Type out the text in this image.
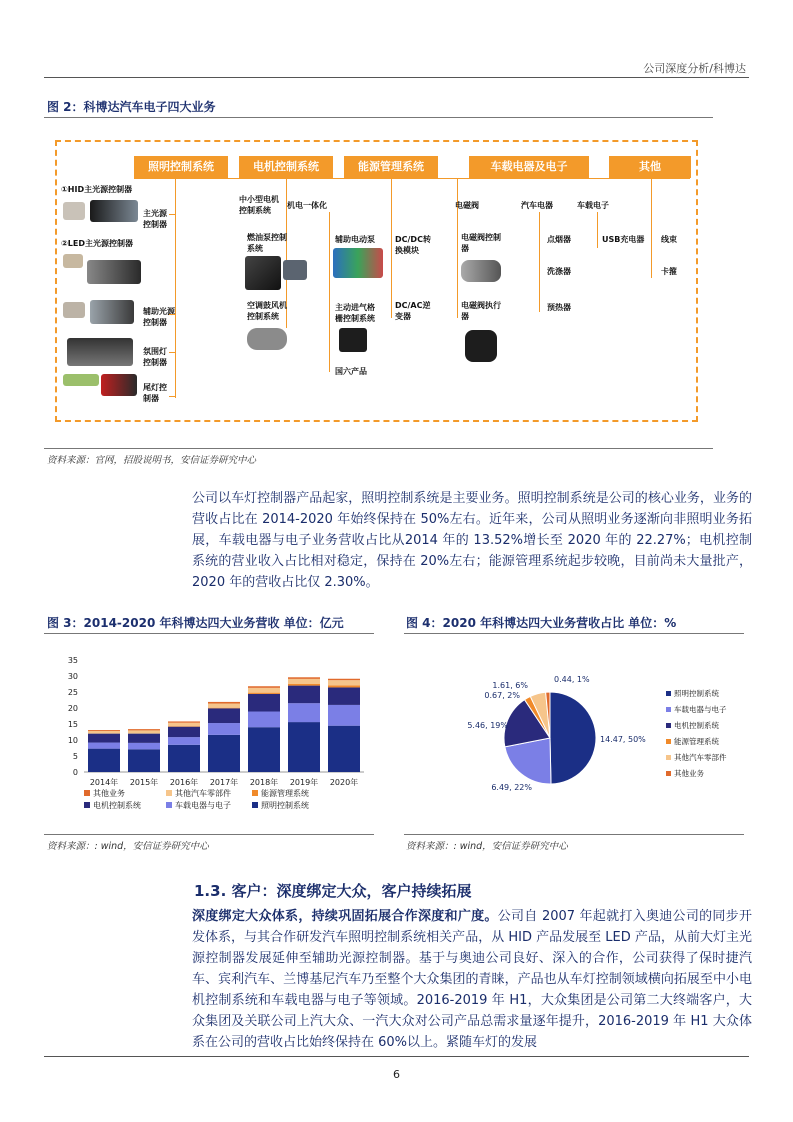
公司深度分析/科博达
图 2：科博达汽车电子四大业务
照明控制系统	电机控制系统	能源管理系统	车载电器及电子	其他
①HID主光源控制器
主光源控制器
②LED主光源控制器
辅助光源控制器
氛围灯控制器
尾灯控制器
中小型电机控制系统
机电一体化
燃油泵控制系统
辅助电动泵
空调鼓风机控制系统
主动进气格栅控制系统
国六产品
DC/DC转换模块
DC/AC逆变器
电磁阀	汽车电器	车载电子
电磁阀控制器
电磁阀执行器
点烟器
洗涤器
预热器
USB充电器 线束
卡箍
资料来源：官网，招股说明书，安信证券研究中心
公司以车灯控制器产品起家，照明控制系统是主要业务。照明控制系统是公司的核心业务，业务的营收占比在 2014-2020 年始终保持在 50%左右。近年来，公司从照明业务逐渐向非照明业务拓展，车载电器与电子业务营收占比从2014 年的 13.52%增长至 2020 年的 22.27%；电机控制系统的营业收入占比相对稳定，保持在 20%左右；能源管理系统起步较晚，目前尚未大量批产，2020 年的营收占比仅 2.30%。
图 3：2014-2020 年科博达四大业务营收 单位：亿元	图 4：2020 年科博达四大业务营收占比 单位：%
0
5
10
15
20
25
30
35
2014年 2015年 2016年 2017年 2018年 2019年 2020年
其他业务	其他汽车零部件	能源管理系统
电机控制系统	车载电器与电子	照明控制系统
14.47, 50%
6.49, 22%
5.46, 19%
0.67, 2%
1.61, 6%
0.44, 1%
照明控制系统
车载电器与电子
电机控制系统
能源管理系统
其他汽车零部件
其他业务
资料来源：: wind，安信证券研究中心	资料来源：: wind，安信证券研究中心
1.3. 客户：深度绑定大众，客户持续拓展
深度绑定大众体系，持续巩固拓展合作深度和广度。公司自 2007 年起就打入奥迪公司的同步开发体系，与其合作研发汽车照明控制系统相关产品，从 HID 产品发展至 LED 产品，从前大灯主光源控制器发展延伸至辅助光源控制器。基于与奥迪公司良好、深入的合作，公司获得了保时捷汽车、宾利汽车、兰博基尼汽车乃至整个大众集团的青睐，产品也从车灯控制领域横向拓展至中小电机控制系统和车载电器与电子等领域。2016-2019 年 H1，大众集团是公司第二大终端客户，大众集团及关联公司上汽大众、一汽大众对公司产品总需求量逐年提升，2016-2019 年 H1 大众体系在公司的营收占比始终保持在 60%以上。紧随车灯的发展
6
